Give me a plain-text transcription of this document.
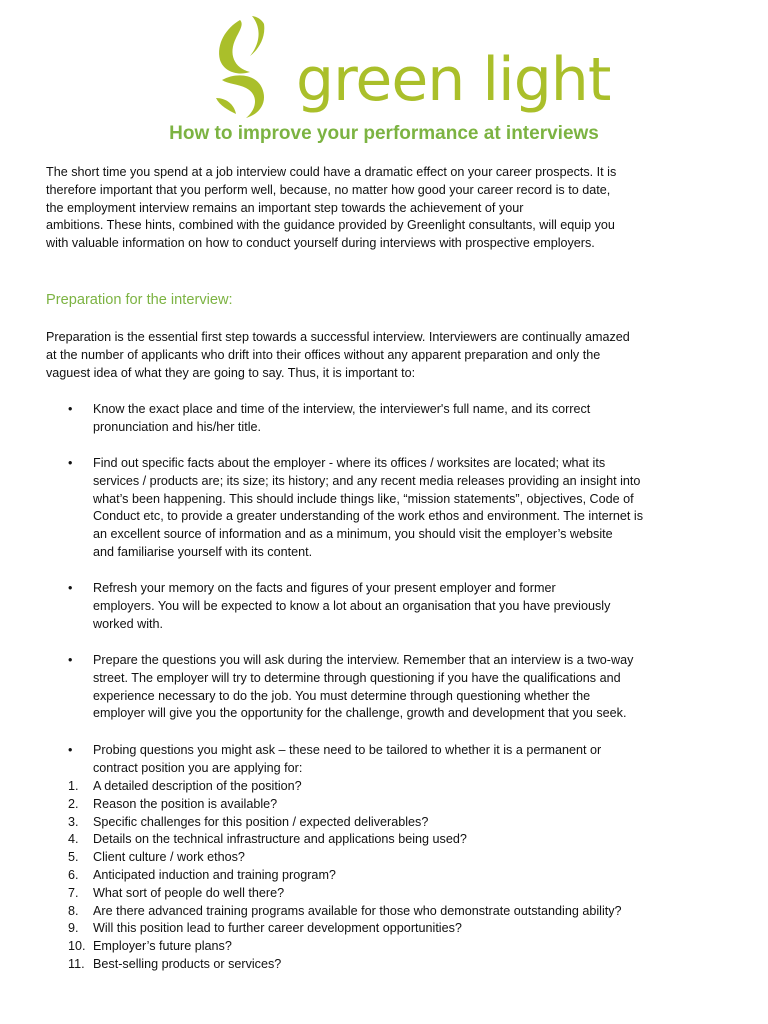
green light
How to improve your performance at interviews

The short time you spend at a job interview could have a dramatic effect on your career prospects. It is

therefore important that you perform well, because, no matter how good your career record is to date,

the employment interview remains an important step towards the achievement of your

ambitions. These hints, combined with the guidance provided by Greenlight consultants, will equip you

with valuable information on how to conduct yourself during interviews with prospective employers.

Preparation for the interview:

Preparation is the essential first step towards a successful interview. Interviewers are continually amazed

at the number of applicants who drift into their offices without any apparent preparation and only the

vaguest idea of what they are going to say. Thus, it is important to:

• Know the exact place and time of the interview, the interviewer's full name, and its correct
pronunciation and his/her title.
• Find out specific facts about the employer - where its offices / worksites are located; what its
services / products are; its size; its history; and any recent media releases providing an insight into
what’s been happening. This should include things like, “mission statements”, objectives, Code of
Conduct etc, to provide a greater understanding of the work ethos and environment. The internet is
an excellent source of information and as a minimum, you should visit the employer’s website
and familiarise yourself with its content.
• Refresh your memory on the facts and figures of your present employer and former
employers. You will be expected to know a lot about an organisation that you have previously
worked with.
• Prepare the questions you will ask during the interview. Remember that an interview is a two-way
street. The employer will try to determine through questioning if you have the qualifications and
experience necessary to do the job. You must determine through questioning whether the
employer will give you the opportunity for the challenge, growth and development that you seek.
• Probing questions you might ask – these need to be tailored to whether it is a permanent or
contract position you are applying for:
1. A detailed description of the position?
2. Reason the position is available?
3. Specific challenges for this position / expected deliverables?
4. Details on the technical infrastructure and applications being used?
5. Client culture / work ethos?
6. Anticipated induction and training program?
7. What sort of people do well there?
8. Are there advanced training programs available for those who demonstrate outstanding ability?
9. Will this position lead to further career development opportunities?
10. Employer’s future plans?
11. Best-selling products or services?
